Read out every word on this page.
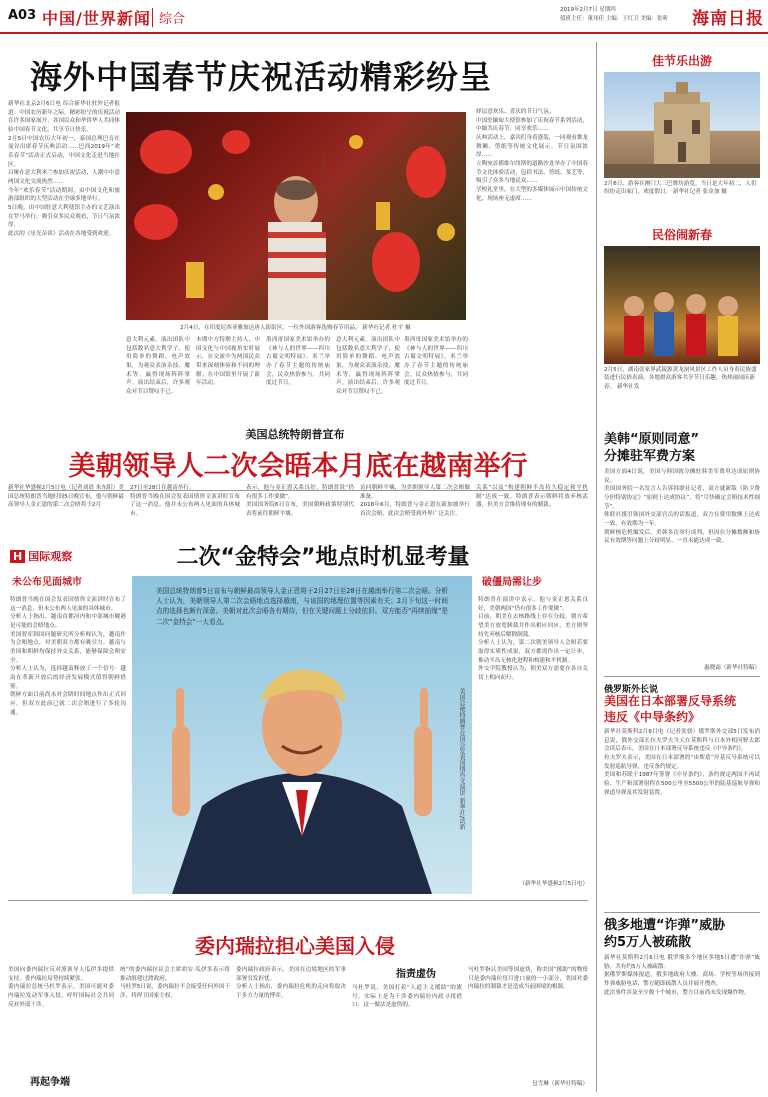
A03 中国/世界新闻 综合
2019年2月7日 星期四
值班主任：董玮佳 主编：王红卫 美编：张昕	海南日报
海外中国春节庆祝活动精彩纷呈
新华社北京2月6日电 综合新华社驻外记者报道：中国农历新年之际，精彩纷呈的庆祝活动在许多国家展开，各国民众和华侨华人共同体验中国春节文化，共享节日快乐。
2月5日中国农历大年初一，泰国总理巴育在曼谷出席春节庆典活动……巴西2019年“欢乐春节”活动正式启动，中国文化走进当地社区。
吕娅在意大利米兰参加庆祝活动，人潮中中意两国文化交流热烈……
今年“欢乐春节”活动期间，由中国文化和旅游部组织的大型活动在全球多地举行。
5日晚，由中国驻意大利使馆主办的文艺演出在罗马举行，吸引众多民众观看，节日气氛浓厚。
此次的《星光杂谈》活动在各地受到欢迎。
2月4日，在印度尼西亚雅加达唐人街街区，一位外国游客选购春节用品。 新华社记者 杜宇 摄
意大利元素。演出团队中包括数名意大利学子，使用简单的舞蹈、电声效果，为观众表演杂技、魔术等，赢得现场阵阵掌声。演出结束后，许多观众对节目赞叹不已。
本期中方特聘主持人，中国文化与中国视角实时展示，在交流中为两国民众带来深刻体验和不同的理解；在中国馆里开展了新年活动。
墨西哥国家美术馆举办的《神与人的世界——四川古蜀文明特展》，米兰举办了春节主题的传统庙会，民众热情参与，共同度过节日。
意大利元素。演出团队中包括数名意大利学子，使用简单的舞蹈、电声效果，为观众表演杂技、魔术等，赢得现场阵阵掌声。演出结束后，许多观众对节目赞叹不已。
墨西哥国家美术馆举办的《神与人的世界——四川古蜀文明特展》，米兰举办了春节主题的传统庙会，民众热情参与，共同度过节日。
择层意欢乐、喜庆的节日气氛。
中国驻缅甸大使馆参加了庆祝春节系列活动，中缅共庆春节，同享欢乐……
庆典活动上，嘉宾们身着盛装，一同观看舞龙舞狮、剪纸等传统文化展示，节日氛围浓厚……
立陶宛首都维尔纽斯的道路沙龙举办了中国春节文化体验活动，包括书法、剪纸、茶艺等，吸引了众多当地民众……
学校礼堂里，在大型的多媒体展示中国传统文化，现场座无虚席……
佳节乐出游
2月6日，游客在澳门大三巴牌坊游览。当日是大年初二，人们纷纷走出家门，欢度假日。 新华社记者 张金加 摄
民俗闹新春
2月5日，湖南张家界武陵源黄龙洞风景区工作人员身着民族盛装进行民俗表演，各地群众游客共享节日乐趣，热热闹闹庆新春。 新华社发
美国总统特朗普宣布
美朝领导人二次会晤本月底在越南举行
新华社华盛顿2月5日电（记者刘晨 朱东阳）美国总统特朗普当地时间5日晚宣布，他与朝鲜最高领导人金正恩的第二次会晤将于2月
27日至28日在越南举行。
特朗普当晚在国会发表国情咨文演讲时宣布了这一消息。他并未公布两人见面的具体城市。
表示，他与金正恩关系良好。特朗普说“仍有很多工作要做”。
美国国务院6日宣布，美国朝鲜政策特别代表将前往朝鲜平壤。
访问朝鲜平壤，为美朝领导人第二次会晤做准备。
2018年6月，特朗普与金正恩在新加坡举行首次会晤，此次会晤受到外界广泛关注。
关系”以及“构建朝鲜半岛持久稳定和平机制”达成一致。特朗普表示朝鲜将放弃核武器，但美方会维持现有的制裁。
H 国际观察	二次“金特会”地点时机显考量
未公布见面城市
特朗普当晚在国会发表国情咨文演讲时宣布了这一消息，但未公布两人见面的具体城市。
分析人士指出，越南首都河内和中部城市岘港是可能的会晤地点。
美国智库韩国问题研究所分析师认为，越南作为会晤地点，对美朝双方都有吸引力。越南与美国和朝鲜均保持外交关系，能够保障会晤安全。
分析人士认为，选择越南释放了一个信号：越南在革新开放后的经济发展模式值得朝鲜借鉴。
朝鲜方面目前尚未对会晤时间地点作出正式回应，但双方此前已就二次会晤进行了多轮沟通。
美国总统特朗普5日宣布与朝鲜最高领导人金正恩将于2月27日至28日在越南举行第二次会晤。分析人士认为，美朝领导人第二次会晤地点选择越南，与该国的地理位置等因素有关；2月下旬这一时间点的选择也颇有深意。美朝对此次会晤各有期待，但在关键问题上分歧依旧。双方能否“再续前缘”是二次“金特会”一大看点。
美国总统特朗普在国会发表国情咨文演讲 新华社/法新
破僵局需让步
特朗普在演讲中表示，他与金正恩关系良好，美朝两国“仍有很多工作要做”。
目前，朝美在去核路线上存在分歧，朝方希望美方放宽制裁并作出相应回应，美方则坚持先弃核后解除制裁。
分析人士认为，第二次朝美领导人会晤若要取得实质性成果，双方都需作出一定让步，推动半岛无核化进程和构建和平机制。
外交学院教授认为，朝美双方需要在各自关切上相向而行。
（新华社华盛顿2月5日电）
美韩“原则同意”
分摊驻军费方案
美国方面4日说，美国与韩国就分摊驻韩美军费用达成原则协议。
美国国务院一名发言人告诉韩联社记者，双方就新版《防卫费分担特别协定》“原则上达成协议”，将“尽快确定会晤技术性细节”。
韩联社援引韩国外交部官员的话报道，双方在费用数额上达成一致，有效期为一年。
朝鲜核危机爆发后，美韩多次举行谈判，但因在分摊数额和协议有效期等问题上分歧明显，一直未能达成一致。
惠晓霜（新华社特稿）
俄罗斯外长说
美国在日本部署反导系统
违反《中导条约》
新华社莫斯科2月6日电（记者张骁）俄罗斯外交部5日发布消息说，俄外交部长拉夫罗夫当天在莫斯科与日本外相河野太郎会谈后表示，美国在日本部署反导系统违反《中导条约》。
拉夫罗夫表示，美国在日本部署的“宙斯盾”岸基反导系统可以发射巡航导弹，违反条约规定。
美国和苏联于1987年签署《中导条约》，条约规定两国不再试验、生产和部署射程在500公里至5500公里的陆基巡航导弹和弹道导弹及其发射装置。
俄多地遭“诈弹”威胁
约5万人被疏散
新华社莫斯科2月6日电 俄罗斯多个地区多地5日遭“诈弹”威胁，共有约5万人被疏散。
据俄罗斯媒体报道，俄多地政府大楼、商场、学校等场所接到炸弹威胁电话，警方随即疏散人员并展开搜查。
此次事件涉及至少数十个城市，警方目前尚未发现爆炸物。
委内瑞拉担心美国入侵
美国向委内瑞拉反对派领导人瓜伊多提供支持，委内瑞拉局势持续紧张。
委内瑞拉总统马杜罗表示，美国可能对委内瑞拉发动军事入侵，呼吁国际社会共同反对外部干涉。
再起争端
统”的委内瑞拉议会主席胡安·瓜伊多表示将推动组建过渡政府。
马杜罗5日说，委内瑞拉不会接受任何外国干涉，将捍卫国家主权。
委内瑞拉政府表示，美国在边境地区的军事部署引发担忧。
分析人士指出，委内瑞拉危机的走向将取决于多方力量的博弈。
指责虚伪
马杜罗说，美国打着“人道主义援助”的旗号，实际上是为干涉委内瑞拉内政寻找借口，这一做法是虚伪的。
马杜罗指认美国等国虚伪，称美国“援助”的物资只是委内瑞拉每月进口量的一小部分，美国对委内瑞拉的制裁才是造成当前困境的根源。
包雪琳（新华社特稿）
